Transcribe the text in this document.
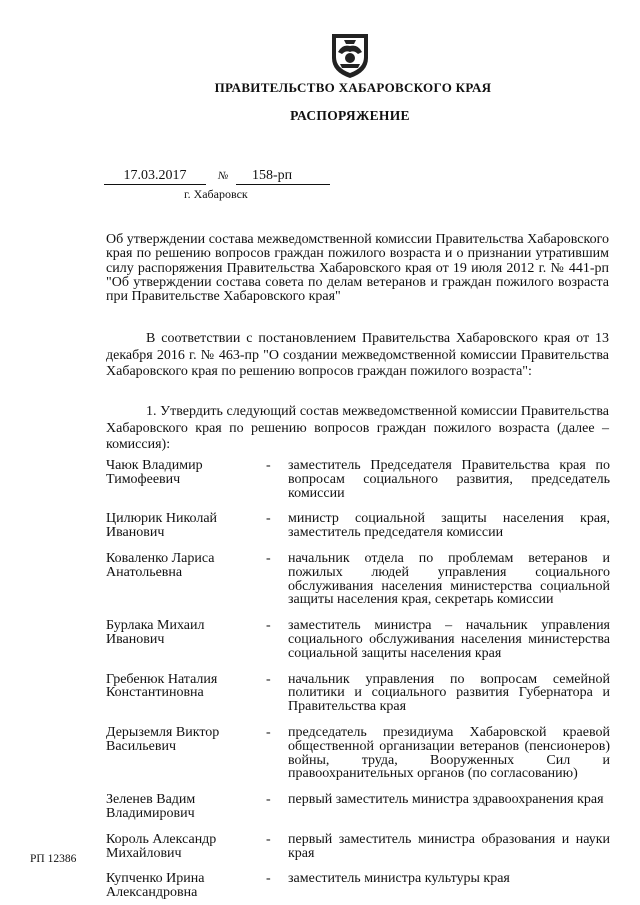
ПРАВИТЕЛЬСТВО ХАБАРОВСКОГО КРАЯ
РАСПОРЯЖЕНИЕ
17.03.2017	№	158-рп
г. Хабаровск
Об утверждении состава межведомственной комиссии Правительства Хабаровского края по решению вопросов граждан пожилого возраста и о признании утратившим силу распоряжения Правительства Хабаровского края от 19 июля 2012 г. № 441-рп "Об утверждении состава совета по делам ветеранов и граждан пожилого возраста при Правительстве Хабаровского края"
В соответствии с постановлением Правительства Хабаровского края от 13 декабря 2016 г. № 463-пр "О создании межведомственной комиссии Правительства Хабаровского края по решению вопросов граждан пожилого возраста":
1. Утвердить следующий состав межведомственной комиссии Правительства Хабаровского края по решению вопросов граждан пожилого возраста (далее – комиссия):
Чаюк Владимир Тимофеевич
-	заместитель Председателя Правительства края по вопросам социального развития, председатель комиссии
Цилюрик Николай Иванович
-	министр социальной защиты населения края, заместитель председателя комиссии
Коваленко Лариса Анатольевна
-	начальник отдела по проблемам ветеранов и пожилых людей управления социального обслуживания населения министерства социальной защиты населения края, секретарь комиссии
Бурлака Михаил Иванович
-	заместитель министра – начальник управления социального обслуживания населения министерства социальной защиты населения края
Гребенюк Наталия Константиновна
-	начальник управления по вопросам семейной политики и социального развития Губернатора и Правительства края
Дерыземля Виктор Васильевич
-	председатель президиума Хабаровской краевой общественной организации ветеранов (пенсионеров) войны, труда, Вооруженных Сил и правоохранительных органов (по согласованию)
Зеленев Вадим Владимирович
-	первый заместитель министра здравоохранения края
Король Александр Михайлович
-	первый заместитель министра образования и науки края
Купченко Ирина Александровна
-	заместитель министра культуры края
РП 12386
